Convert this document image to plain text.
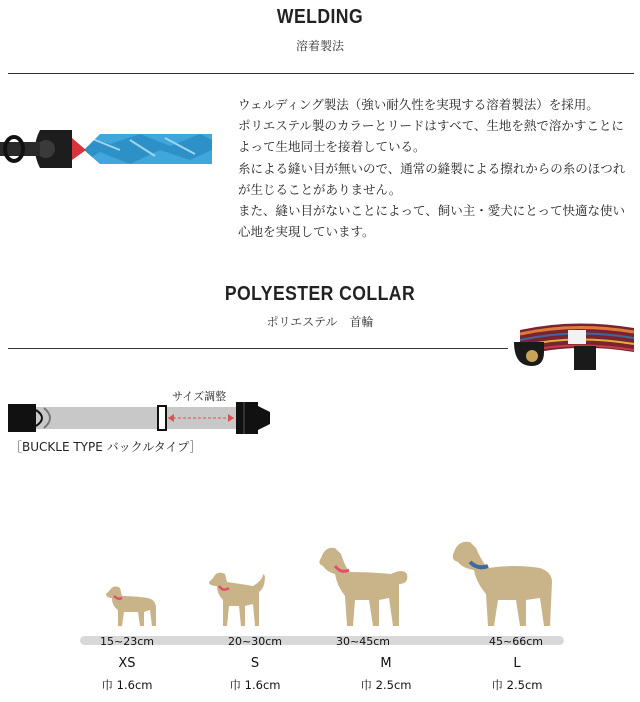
WELDING
溶着製法
ウェルディング製法（強い耐久性を実現する溶着製法）を採用。
ポリエステル製のカラーとリードはすべて、生地を熱で溶かすことに
よって生地同士を接着している。
糸による縫い目が無いので、通常の縫製による擦れからの糸のほつれ
が生じることがありません。
また、縫い目がないことによって、飼い主・愛犬にとって快適な使い
心地を実現しています。
POLYESTER COLLAR
ポリエステル　首輪
サイズ調整
［BUCKLE TYPE バックルタイプ］
15~23cm	20~30cm	30~45cm	45~66cm
XS	S	M	L
巾 1.6cm	巾 1.6cm	巾 2.5cm	巾 2.5cm
